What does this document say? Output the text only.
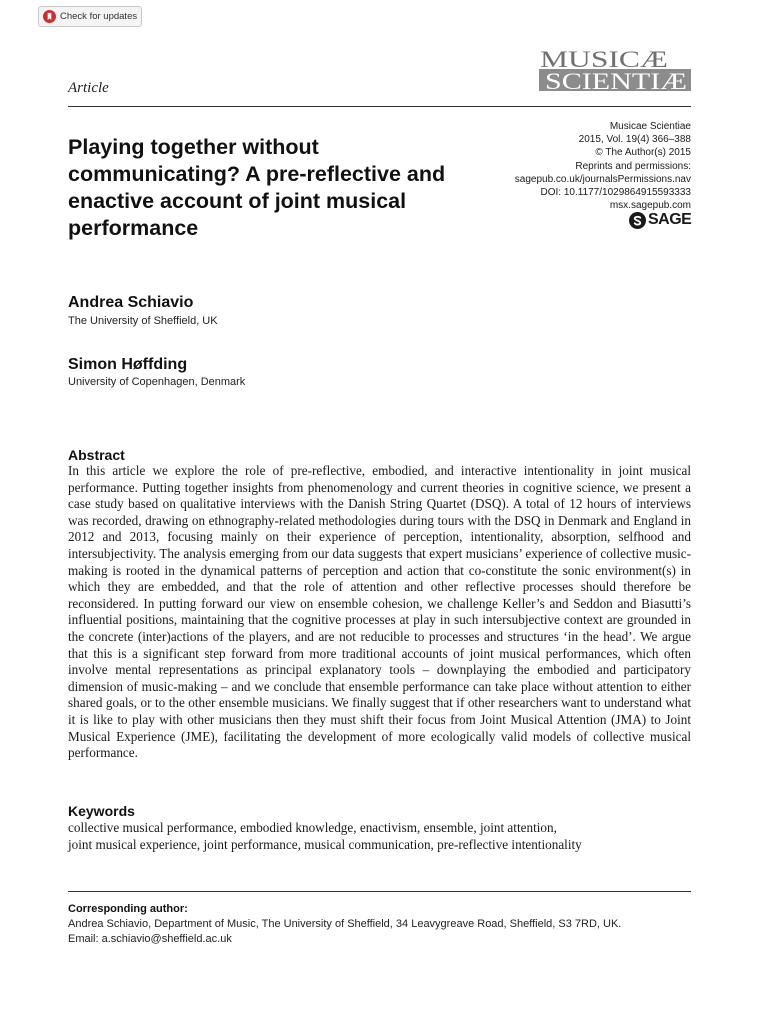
Check for updates
MUSICÆ
SCIENTIÆ
Article
Playing together without communicating? A pre-reflective and enactive account of joint musical performance
Musicae Scientiae
2015, Vol. 19(4) 366–388
© The Author(s) 2015
Reprints and permissions:
sagepub.co.uk/journalsPermissions.nav
DOI: 10.1177/1029864915593333
msx.sagepub.com
SAGE
Andrea Schiavio
The University of Sheffield, UK
Simon Høffding
University of Copenhagen, Denmark
Abstract

In this article we explore the role of pre-reflective, embodied, and interactive intentionality in joint musical performance. Putting together insights from phenomenology and current theories in cognitive science, we present a case study based on qualitative interviews with the Danish String Quartet (DSQ). A total of 12 hours of interviews was recorded, drawing on ethnography-related methodologies during tours with the DSQ in Denmark and England in 2012 and 2013, focusing mainly on their experience of perception, intentionality, absorption, selfhood and intersubjectivity. The analysis emerging from our data suggests that expert musicians’ experience of collective music-making is rooted in the dynamical patterns of perception and action that co-constitute the sonic environment(s) in which they are embedded, and that the role of attention and other reflective processes should therefore be reconsidered. In putting forward our view on ensemble cohesion, we challenge Keller’s and Seddon and Biasutti’s influential positions, maintaining that the cognitive processes at play in such intersubjective context are grounded in the concrete (inter)actions of the players, and are not reducible to processes and structures ‘in the head’. We argue that this is a significant step forward from more traditional accounts of joint musical performances, which often involve mental representations as principal explanatory tools – downplaying the embodied and participatory dimension of music-making – and we conclude that ensemble performance can take place without attention to either shared goals, or to the other ensemble musicians. We finally suggest that if other researchers want to understand what it is like to play with other musicians then they must shift their focus from Joint Musical Attention (JMA) to Joint Musical Experience (JME), facilitating the development of more ecologically valid models of collective musical performance.

Keywords
collective musical performance, embodied knowledge, enactivism, ensemble, joint attention,
joint musical experience, joint performance, musical communication, pre-reflective intentionality
Corresponding author:
Andrea Schiavio, Department of Music, The University of Sheffield, 34 Leavygreave Road, Sheffield, S3 7RD, UK.
Email: a.schiavio@sheffield.ac.uk
